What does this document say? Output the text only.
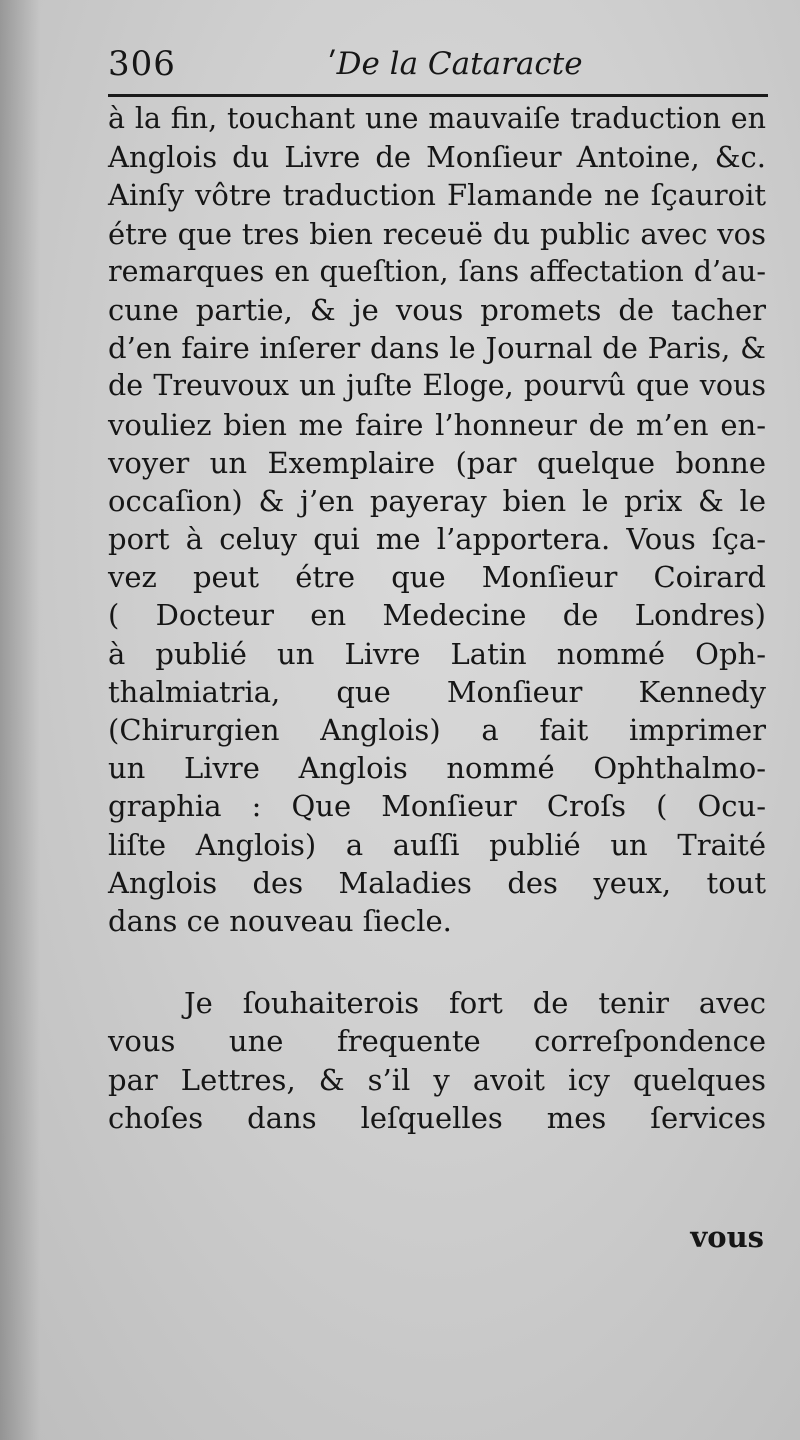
306	ʹDe la Cataracte
à la fin, touchant une mauvaiſe traduction en
Anglois du Livre de Monſieur Antoine, &c.
Ainſy vôtre traduction Flamande ne ſçauroit
étre que tres bien receuë du public avec vos
remarques en queſtion, ſans affectation d’au-
cune partie, & je vous promets de tacher
d’en faire inſerer dans le Journal de Paris, &
de Treuvoux un juſte Eloge, pourvû que vous
vouliez bien me faire l’honneur de m’en en-
voyer un Exemplaire (par quelque bonne
occaſion) & j’en payeray bien le prix & le
port à celuy qui me l’apportera. Vous ſça-
vez peut étre que Monſieur Coirard
( Docteur en Medecine de Londres)
à publié un Livre Latin nommé Oph-
thalmiatria, que Monſieur Kennedy
(Chirurgien Anglois) a fait imprimer
un Livre Anglois nommé Ophthalmo-
graphia : Que Monſieur Croſs ( Ocu-
liſte Anglois) a auſſi publié un Traité
Anglois des Maladies des yeux, tout
dans ce nouveau ſiecle.
Je ſouhaiterois fort de tenir avec
vous une frequente correſpondence
par Lettres, & s’il y avoit icy quelques
choſes dans leſquelles mes ſervices
vous
